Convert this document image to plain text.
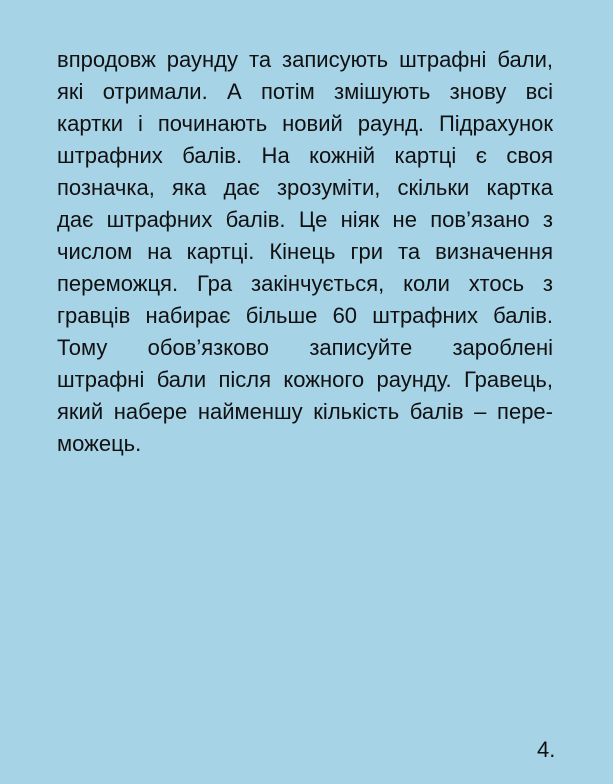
впродовж раунду та записують штрафні бали,
які отримали. А потім змішують знову всі
картки і починають новий раунд. Підрахунок
штрафних балів. На кожній картці є своя
позначка, яка дає зрозуміти, скільки картка
дає штрафних балів. Це ніяк не пов’язано з
числом на картці. Кінець гри та визначення
переможця. Гра закінчується, коли хтось з
гравців набирає більше 60 штрафних балів.
Тому обов’язково записуйте зароблені
штрафні бали після кожного раунду. Гравець,
який набере найменшу кількість балів – пере-
можець.
4.
